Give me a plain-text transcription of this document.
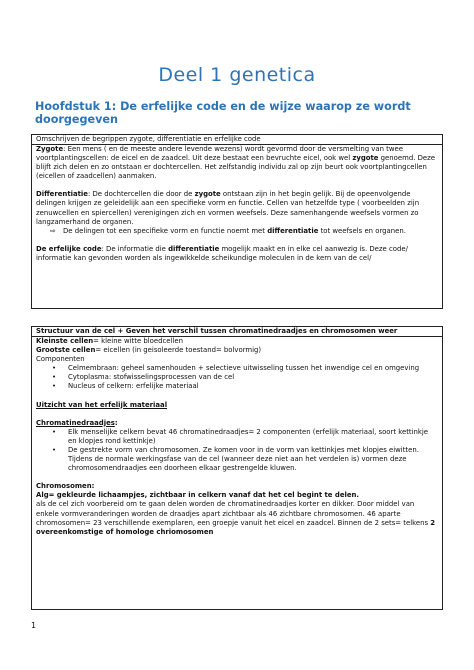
Deel 1 genetica
Hoofdstuk 1: De erfelijke code en de wijze waarop ze wordt doorgegeven
Omschrijven de begrippen zygote, differentiatie en erfelijke code

Zygote: Een mens ( en de meeste andere levende wezens) wordt gevormd door de versmelting van twee voortplantingscellen: de eicel en de zaadcel. Uit deze bestaat een bevruchte eicel, ook wel zygote genoemd. Deze blijft zich delen en zo ontstaan er dochtercellen. Het zelfstandig individu zal op zijn beurt ook voortplantingcellen (eicellen of zaadcellen) aanmaken.

Differentiatie: De dochtercellen die door de zygote ontstaan zijn in het begin gelijk. Bij de opeenvolgende delingen krijgen ze geleidelijk aan een specifieke vorm en functie. Cellen van hetzelfde type ( voorbeelden zijn zenuwcellen en spiercellen) verenigingen zich en vormen weefsels. Deze samenhangende weefsels vormen zo langzamerhand de organen.

⇨ De delingen tot een specifieke vorm en functie noemt met differentiatie tot weefsels en organen.

De erfelijke code: De informatie die differentiatie mogelijk maakt en in elke cel aanwezig is. Deze code/ informatie kan gevonden worden als ingewikkelde scheikundige moleculen in de kern van de cel/

Structuur van de cel + Geven het verschil tussen chromatinedraadjes en chromosomen weer

Kleinste cellen= kleine witte bloedcellen

Grootste cellen= eicellen (in geisoleerde toestand= bolvormig)

Componenten

• Celmembraan: geheel samenhouden + selectieve uitwisseling tussen het inwendige cel en omgeving
• Cytoplasma: stofwisselingsprocessen van de cel
• Nucleus of celkern: erfelijke materiaal

Uitzicht van het erfelijk materiaal

Chromatinedraadjes:

• Elk menselijke celkern bevat 46 chromatinedraadjes= 2 componenten (erfelijk materiaal, soort kettinkje en klopjes rond kettinkje)
• De gestrekte vorm van chromosomen. Ze komen voor in de vorm van kettinkjes met klopjes eiwitten. Tijdens de normale werkingsfase van de cel (wanneer deze niet aan het verdelen is) vormen deze chromosomendraadjes een doorheen elkaar gestrengelde kluwen.

Chromosomen:

Alg= gekleurde lichaampjes, zichtbaar in celkern vanaf dat het cel begint te delen.

als de cel zich voorbereid om te gaan delen worden de chromatinedraadjes korter en dikker. Door middel van enkele vormveranderingen worden de draadjes apart zichtbaar als 46 zichtbare chromosomen. 46 aparte chromosomen= 23 verschillende exemplaren, een groepje vanuit het eicel en zaadcel. Binnen de 2 sets= telkens 2 overeenkomstige of homologe chriomosomen

1
